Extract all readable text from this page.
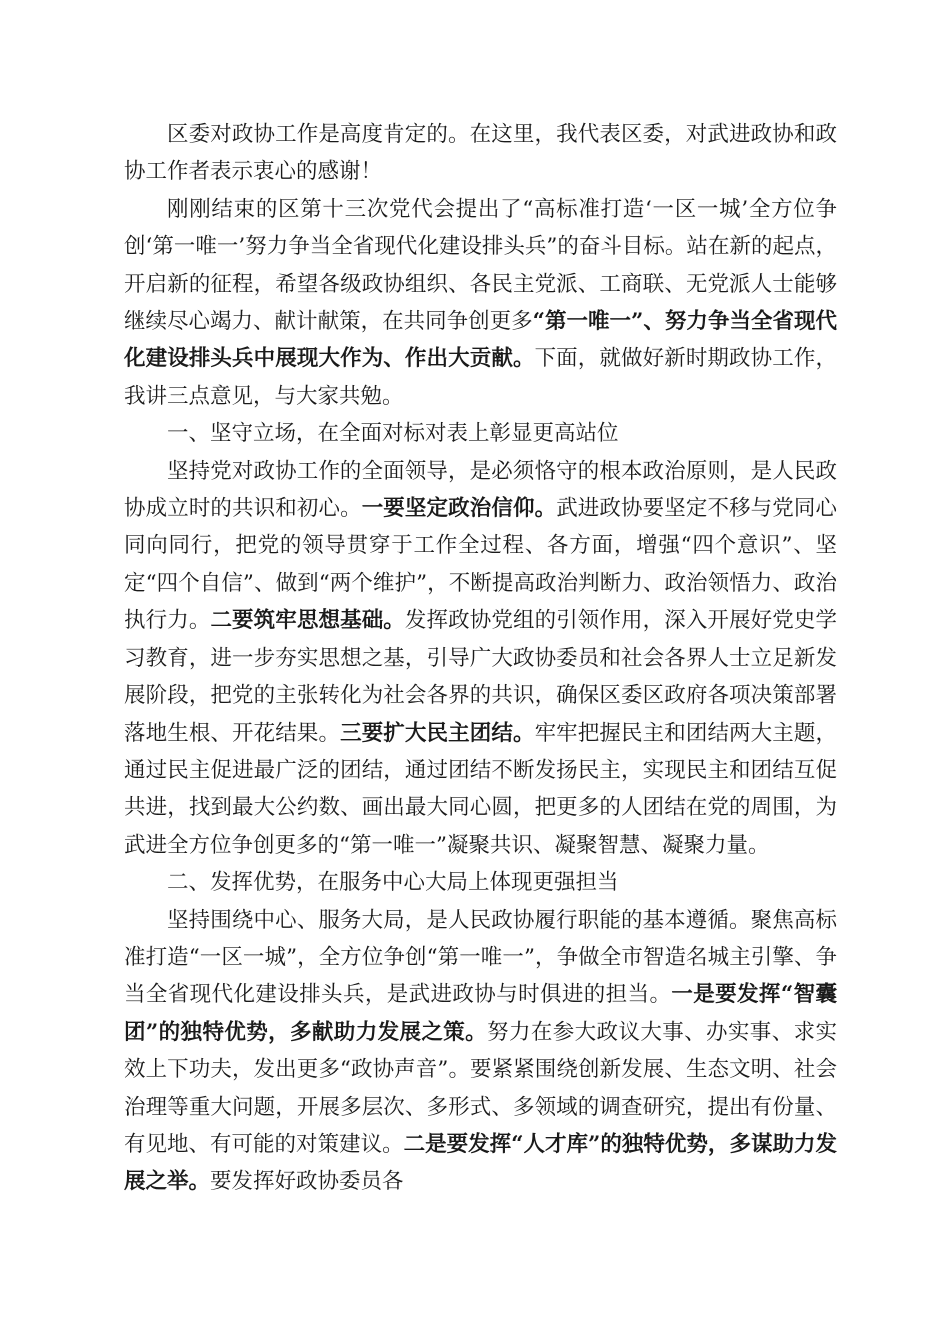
区委对政协工作是高度肯定的。在这里，我代表区委，对武进政协和政协工作者表示衷心的感谢！

刚刚结束的区第十三次党代会提出了“高标准打造‘一区一城’全方位争创‘第一唯一’努力争当全省现代化建设排头兵”的奋斗目标。站在新的起点，开启新的征程，希望各级政协组织、各民主党派、工商联、无党派人士能够继续尽心竭力、献计献策，在共同争创更多“第一唯一”、努力争当全省现代化建设排头兵中展现大作为、作出大贡献。下面，就做好新时期政协工作，我讲三点意见，与大家共勉。

一、坚守立场，在全面对标对表上彰显更高站位

坚持党对政协工作的全面领导，是必须恪守的根本政治原则，是人民政协成立时的共识和初心。一要坚定政治信仰。武进政协要坚定不移与党同心同向同行，把党的领导贯穿于工作全过程、各方面，增强“四个意识”、坚定“四个自信”、做到“两个维护”，不断提高政治判断力、政治领悟力、政治执行力。二要筑牢思想基础。发挥政协党组的引领作用，深入开展好党史学习教育，进一步夯实思想之基，引导广大政协委员和社会各界人士立足新发展阶段，把党的主张转化为社会各界的共识，确保区委区政府各项决策部署落地生根、开花结果。三要扩大民主团结。牢牢把握民主和团结两大主题，通过民主促进最广泛的团结，通过团结不断发扬民主，实现民主和团结互促共进，找到最大公约数、画出最大同心圆，把更多的人团结在党的周围，为武进全方位争创更多的“第一唯一”凝聚共识、凝聚智慧、凝聚力量。

二、发挥优势，在服务中心大局上体现更强担当

坚持围绕中心、服务大局，是人民政协履行职能的基本遵循。聚焦高标准打造“一区一城”，全方位争创“第一唯一”，争做全市智造名城主引擎、争当全省现代化建设排头兵，是武进政协与时俱进的担当。一是要发挥“智囊团”的独特优势，多献助力发展之策。努力在参大政议大事、办实事、求实效上下功夫，发出更多“政协声音”。要紧紧围绕创新发展、生态文明、社会治理等重大问题，开展多层次、多形式、多领域的调查研究，提出有份量、有见地、有可能的对策建议。二是要发挥“人才库”的独特优势，多谋助力发展之举。要发挥好政协委员各
